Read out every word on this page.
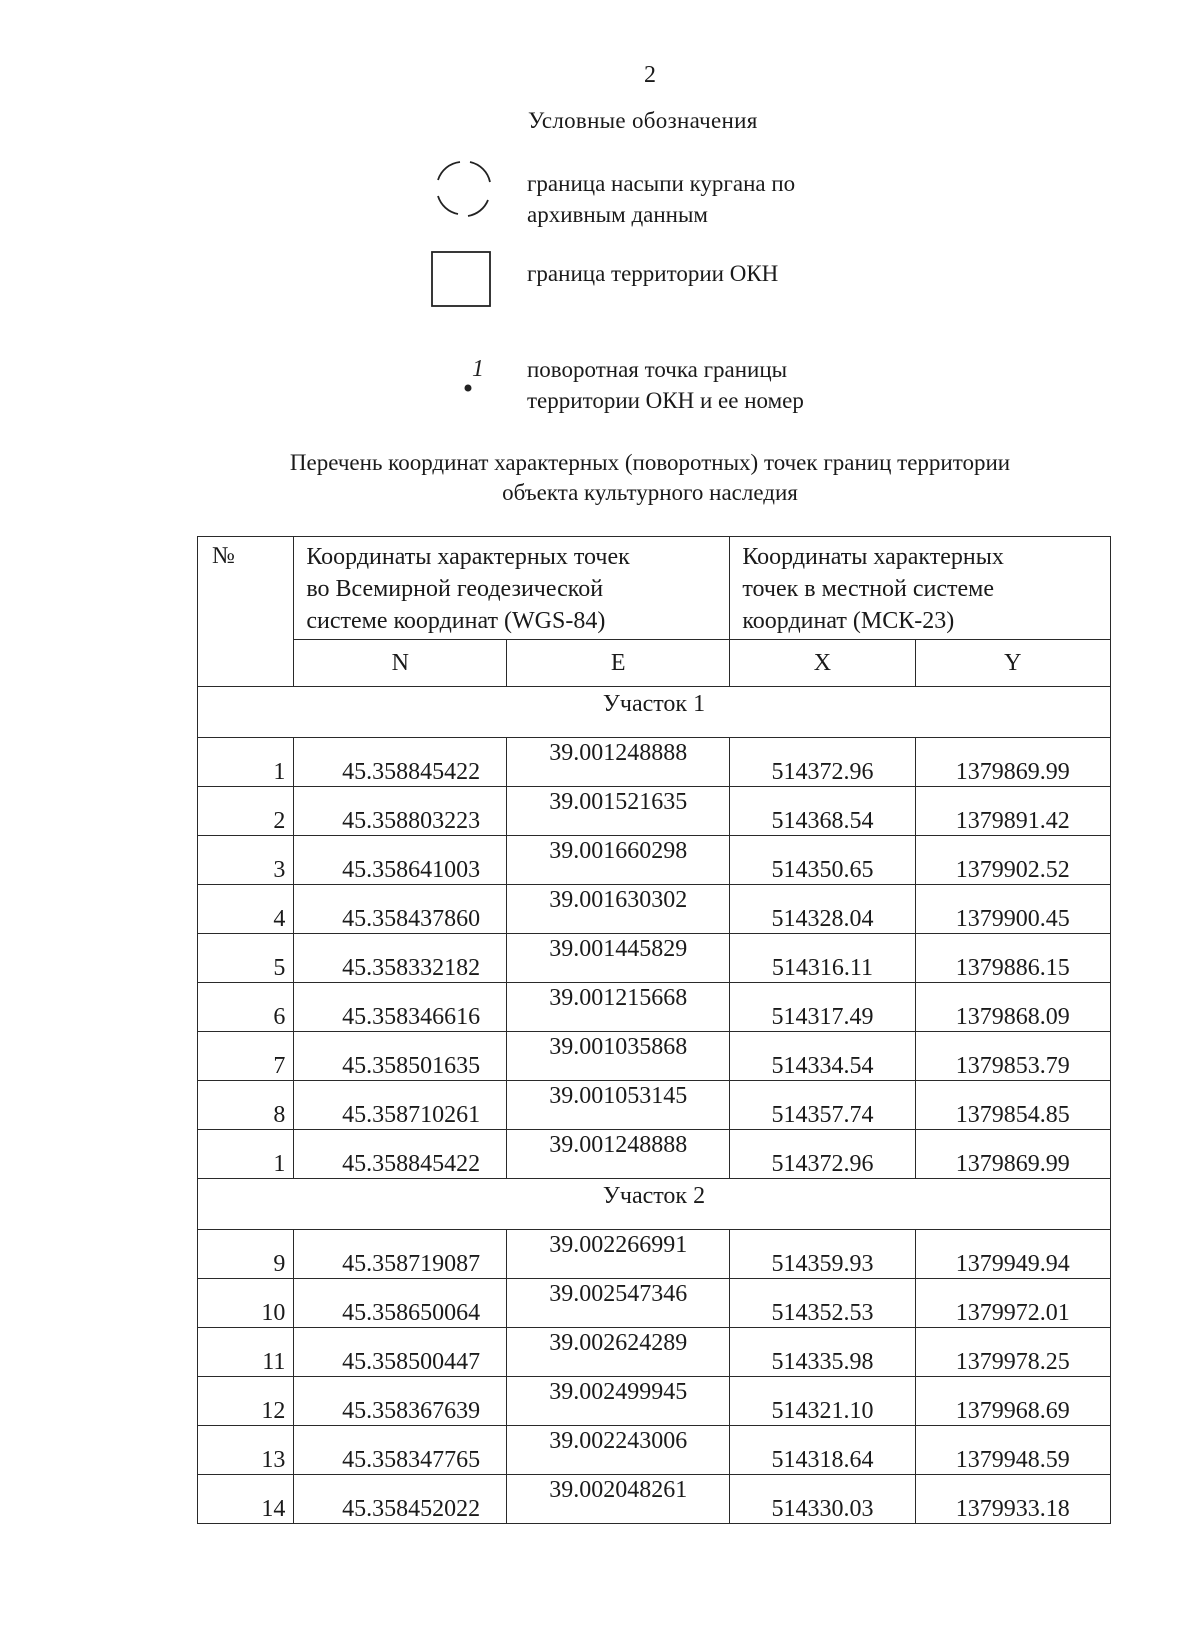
2
Условные обозначения
граница насыпи кургана по
архивным данным
граница территории ОКН
1 поворотная точка границы
территории ОКН и ее номер
Перечень координат характерных (поворотных) точек границ территории
объекта культурного наследия
№	Координаты характерных точек
во Всемирной геодезической
системе координат (WGS-84)		Координаты характерных
точек в местной системе
координат (МСК-23)	
	N	E	X	Y
Участок 1				
1	45.358845422	39.001248888	514372.96	1379869.99
2	45.358803223	39.001521635	514368.54	1379891.42
3	45.358641003	39.001660298	514350.65	1379902.52
4	45.358437860	39.001630302	514328.04	1379900.45
5	45.358332182	39.001445829	514316.11	1379886.15
6	45.358346616	39.001215668	514317.49	1379868.09
7	45.358501635	39.001035868	514334.54	1379853.79
8	45.358710261	39.001053145	514357.74	1379854.85
1	45.358845422	39.001248888	514372.96	1379869.99
Участок 2				
9	45.358719087	39.002266991	514359.93	1379949.94
10	45.358650064	39.002547346	514352.53	1379972.01
11	45.358500447	39.002624289	514335.98	1379978.25
12	45.358367639	39.002499945	514321.10	1379968.69
13	45.358347765	39.002243006	514318.64	1379948.59
14	45.358452022	39.002048261	514330.03	1379933.18
